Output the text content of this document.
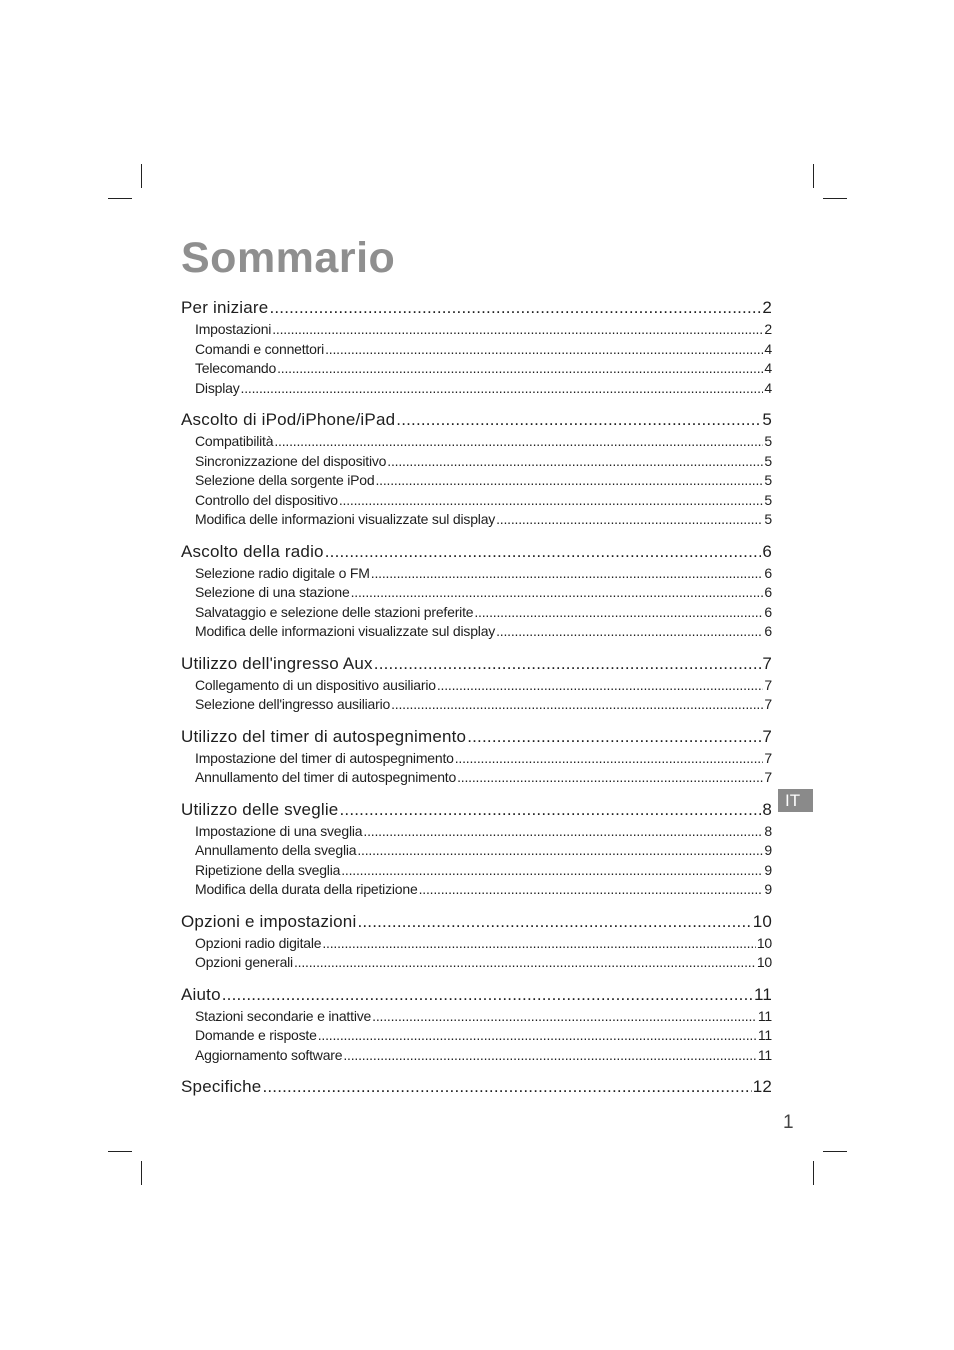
Sommario
Per iniziare .....	2
Impostazioni .....	2
Comandi e connettori .....	4
Telecomando .....	4
Display .....	4
Ascolto di iPod/iPhone/iPad .....	5
Compatibilità .....	5
Sincronizzazione del dispositivo .....	5
Selezione della sorgente iPod .....	5
Controllo del dispositivo .....	5
Modifica delle informazioni visualizzate sul display .....	5
Ascolto della radio .....	6
Selezione radio digitale o FM .....	6
Selezione di una stazione .....	6
Salvataggio e selezione delle stazioni preferite .....	6
Modifica delle informazioni visualizzate sul display .....	6
Utilizzo dell'ingresso Aux .....	7
Collegamento di un dispositivo ausiliario .....	7
Selezione dell'ingresso ausiliario .....	7
Utilizzo del timer di autospegnimento .....	7
Impostazione del timer di autospegnimento .....	7
Annullamento del timer di autospegnimento .....	7
Utilizzo delle sveglie .....	8
Impostazione di una sveglia .....	8
Annullamento della sveglia .....	9
Ripetizione della sveglia .....	9
Modifica della durata della ripetizione .....	9
Opzioni e impostazioni .....	10
Opzioni radio digitale .....	10
Opzioni generali .....	10
Aiuto .....	11
Stazioni secondarie e inattive .....	11
Domande e risposte .....	11
Aggiornamento software .....	11
Specifiche .....	12
IT
1
